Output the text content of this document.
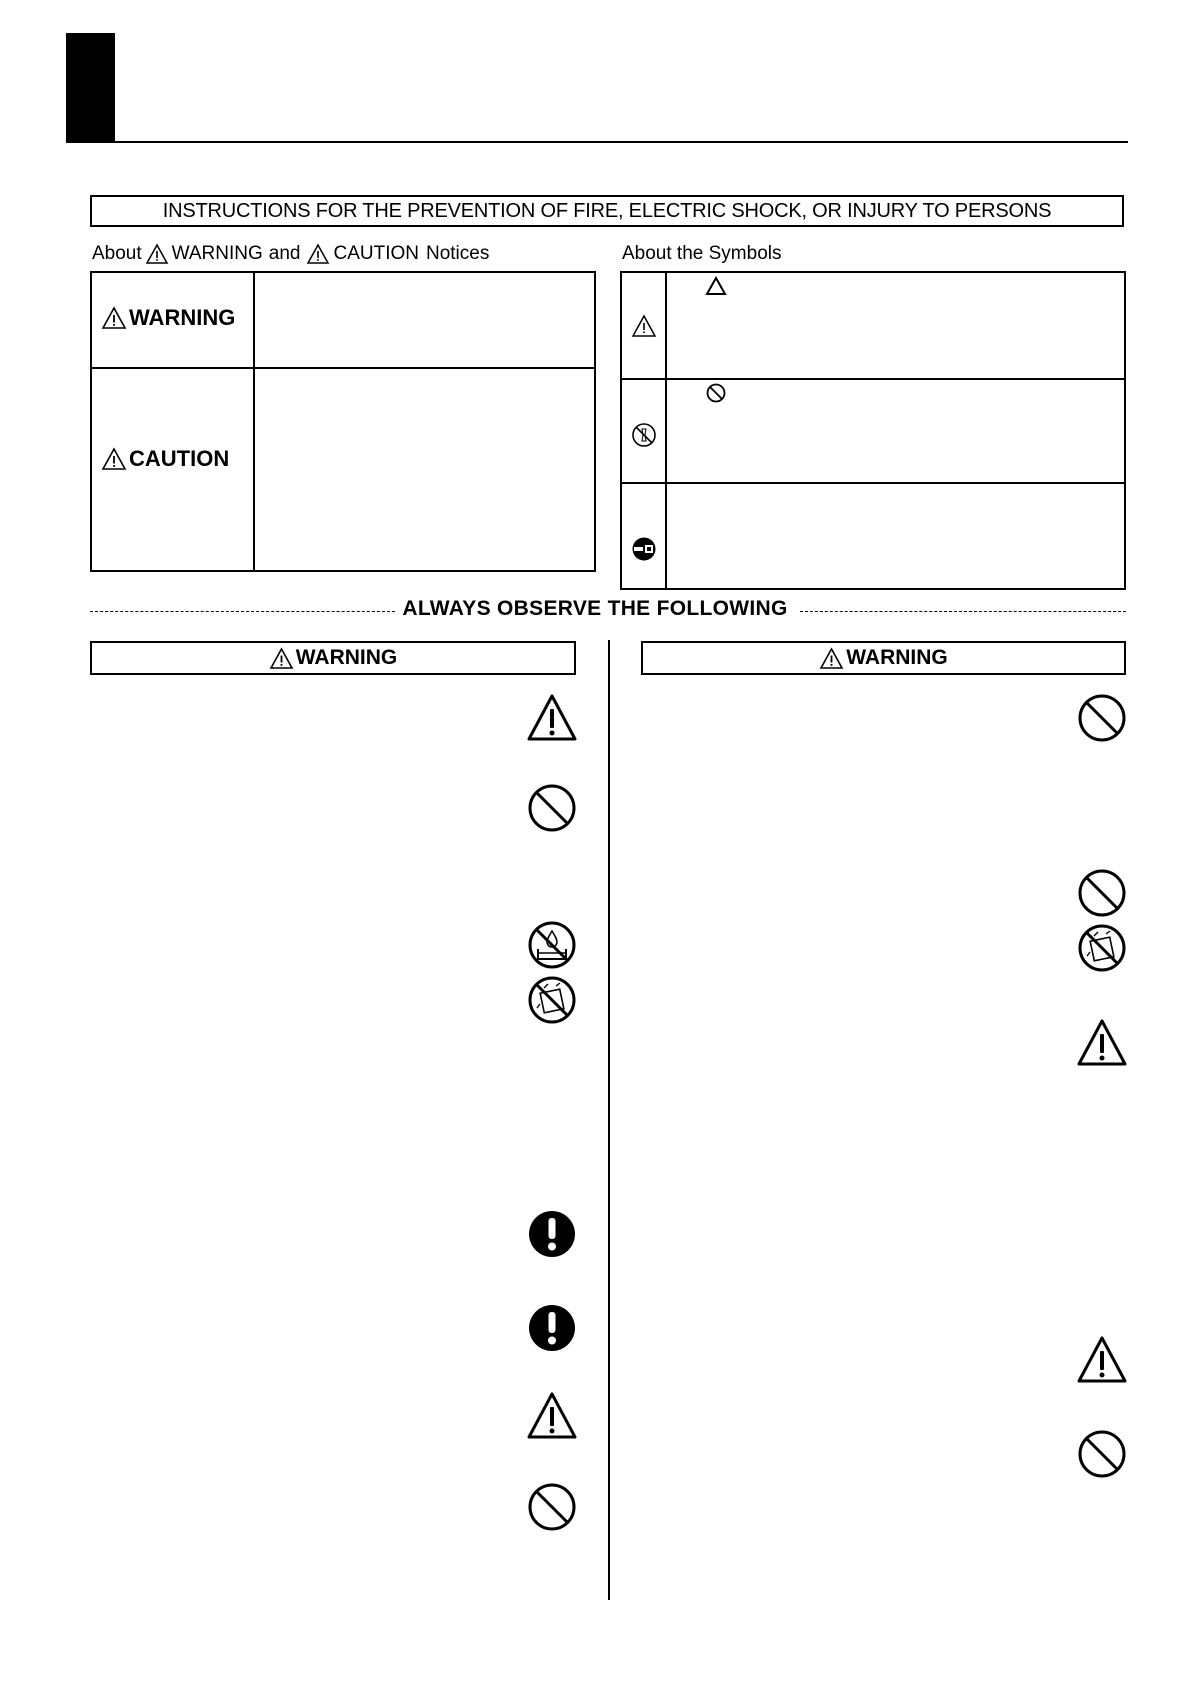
INSTRUCTIONS FOR THE PREVENTION OF FIRE, ELECTRIC SHOCK, OR INJURY TO PERSONS
About WARNING and CAUTION Notices	About the Symbols
WARNING
CAUTION
ALWAYS OBSERVE THE FOLLOWING
WARNING	WARNING
